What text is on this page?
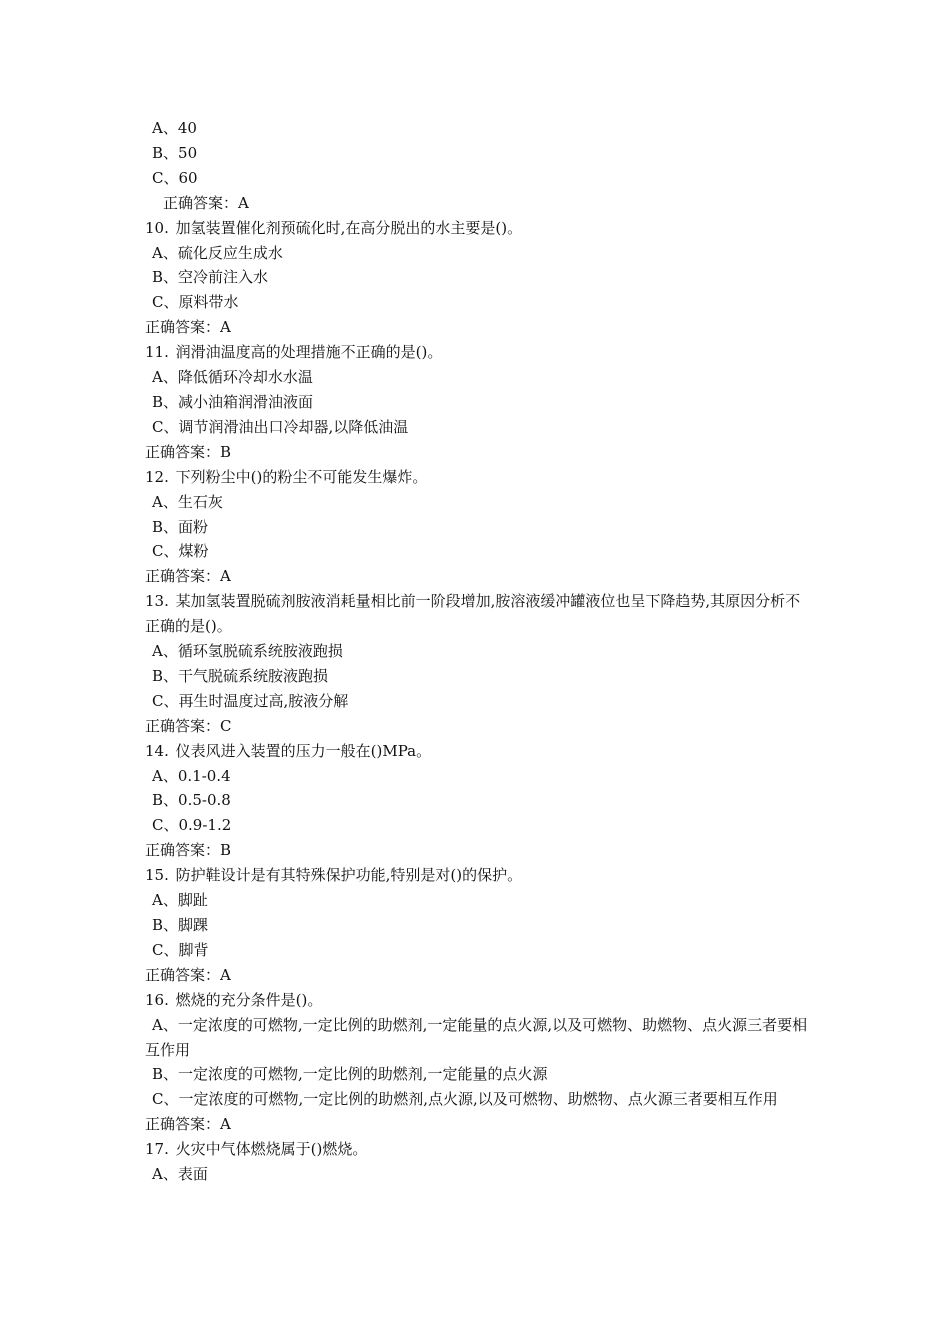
A、40
B、50
C、60
正确答案：A
10. 加氢装置催化剂预硫化时,在高分脱出的水主要是()。
A、硫化反应生成水
B、空冷前注入水
C、原料带水
正确答案：A
11. 润滑油温度高的处理措施不正确的是()。
A、降低循环冷却水水温
B、减小油箱润滑油液面
C、调节润滑油出口冷却器,以降低油温
正确答案：B
12. 下列粉尘中()的粉尘不可能发生爆炸。
A、生石灰
B、面粉
C、煤粉
正确答案：A
13. 某加氢装置脱硫剂胺液消耗量相比前一阶段增加,胺溶液缓冲罐液位也呈下降趋势,其原因分析不正确的是()。
A、循环氢脱硫系统胺液跑损
B、干气脱硫系统胺液跑损
C、再生时温度过高,胺液分解
正确答案：C
14. 仪表风进入装置的压力一般在()MPa。
A、0.1-0.4
B、0.5-0.8
C、0.9-1.2
正确答案：B
15. 防护鞋设计是有其特殊保护功能,特别是对()的保护。
A、脚趾
B、脚踝
C、脚背
正确答案：A
16. 燃烧的充分条件是()。
A、一定浓度的可燃物,一定比例的助燃剂,一定能量的点火源,以及可燃物、助燃物、点火源三者要相互作用
B、一定浓度的可燃物,一定比例的助燃剂,一定能量的点火源
C、一定浓度的可燃物,一定比例的助燃剂,点火源,以及可燃物、助燃物、点火源三者要相互作用
正确答案：A
17. 火灾中气体燃烧属于()燃烧。
A、表面
